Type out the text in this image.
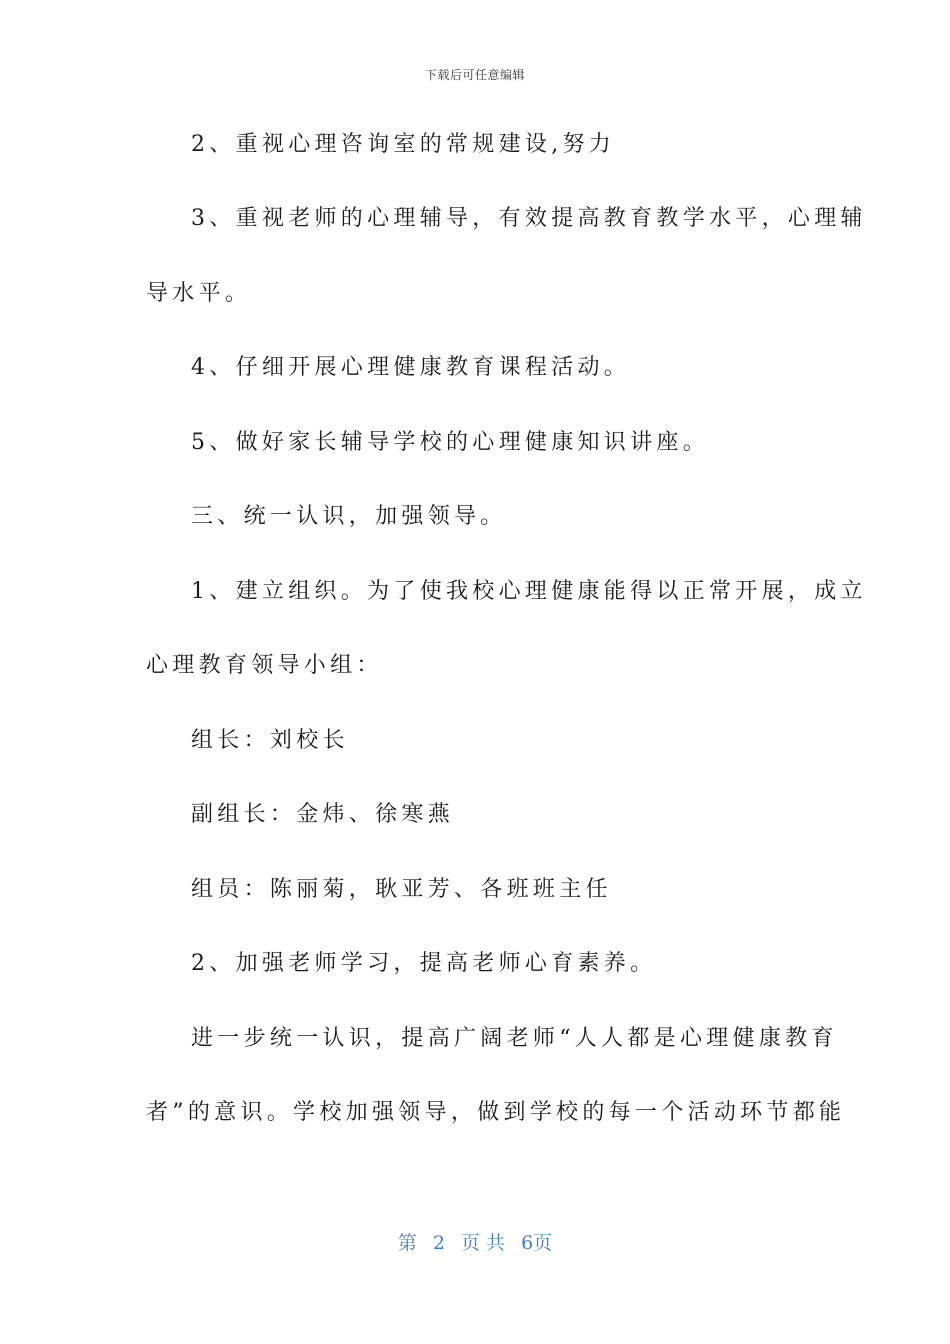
下载后可任意编辑
2、重视心理咨询室的常规建设,努力
3、重视老师的心理辅导，有效提高教育教学水平，心理辅
导水平。
4、仔细开展心理健康教育课程活动。
5、做好家长辅导学校的心理健康知识讲座。
三、统一认识，加强领导。
1、建立组织。为了使我校心理健康能得以正常开展，成立
心理教育领导小组：
组长：刘校长
副组长：金炜、徐寒燕
组员：陈丽菊，耿亚芳、各班班主任
2、加强老师学习，提高老师心育素养。
进一步统一认识，提高广阔老师“人人都是心理健康教育
者”的意识。学校加强领导，做到学校的每一个活动环节都能
第 2 页 共 6页
